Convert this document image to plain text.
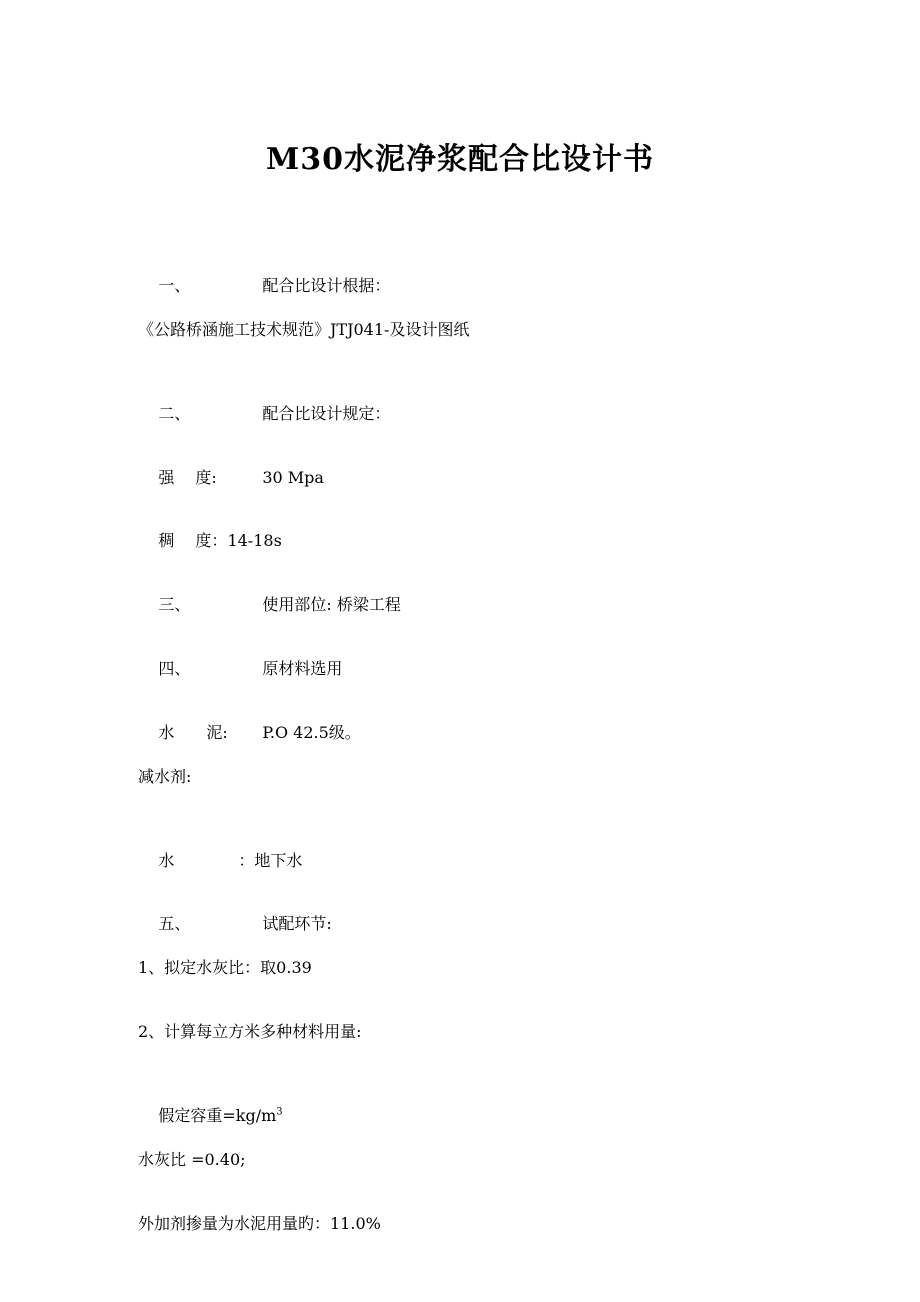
M30水泥净浆配合比设计书

一、	配合比设计根据：

《公路桥涵施工技术规范》JTJ041-及设计图纸

二、	配合比设计规定：

强　 度:	30 Mpa

稠　 度：14-18s

三、	使用部位: 桥梁工程

四、	原材料选用

水　　泥: P.O 42.5级。

减水剂:

水	：地下水

五、	试配环节:

1、拟定水灰比：取0.39
2、计算每立方米多种材料用量:

假定容重$=kg/m^3$

水灰比 =0.40;
外加剂掺量为水泥用量旳：11.0%
